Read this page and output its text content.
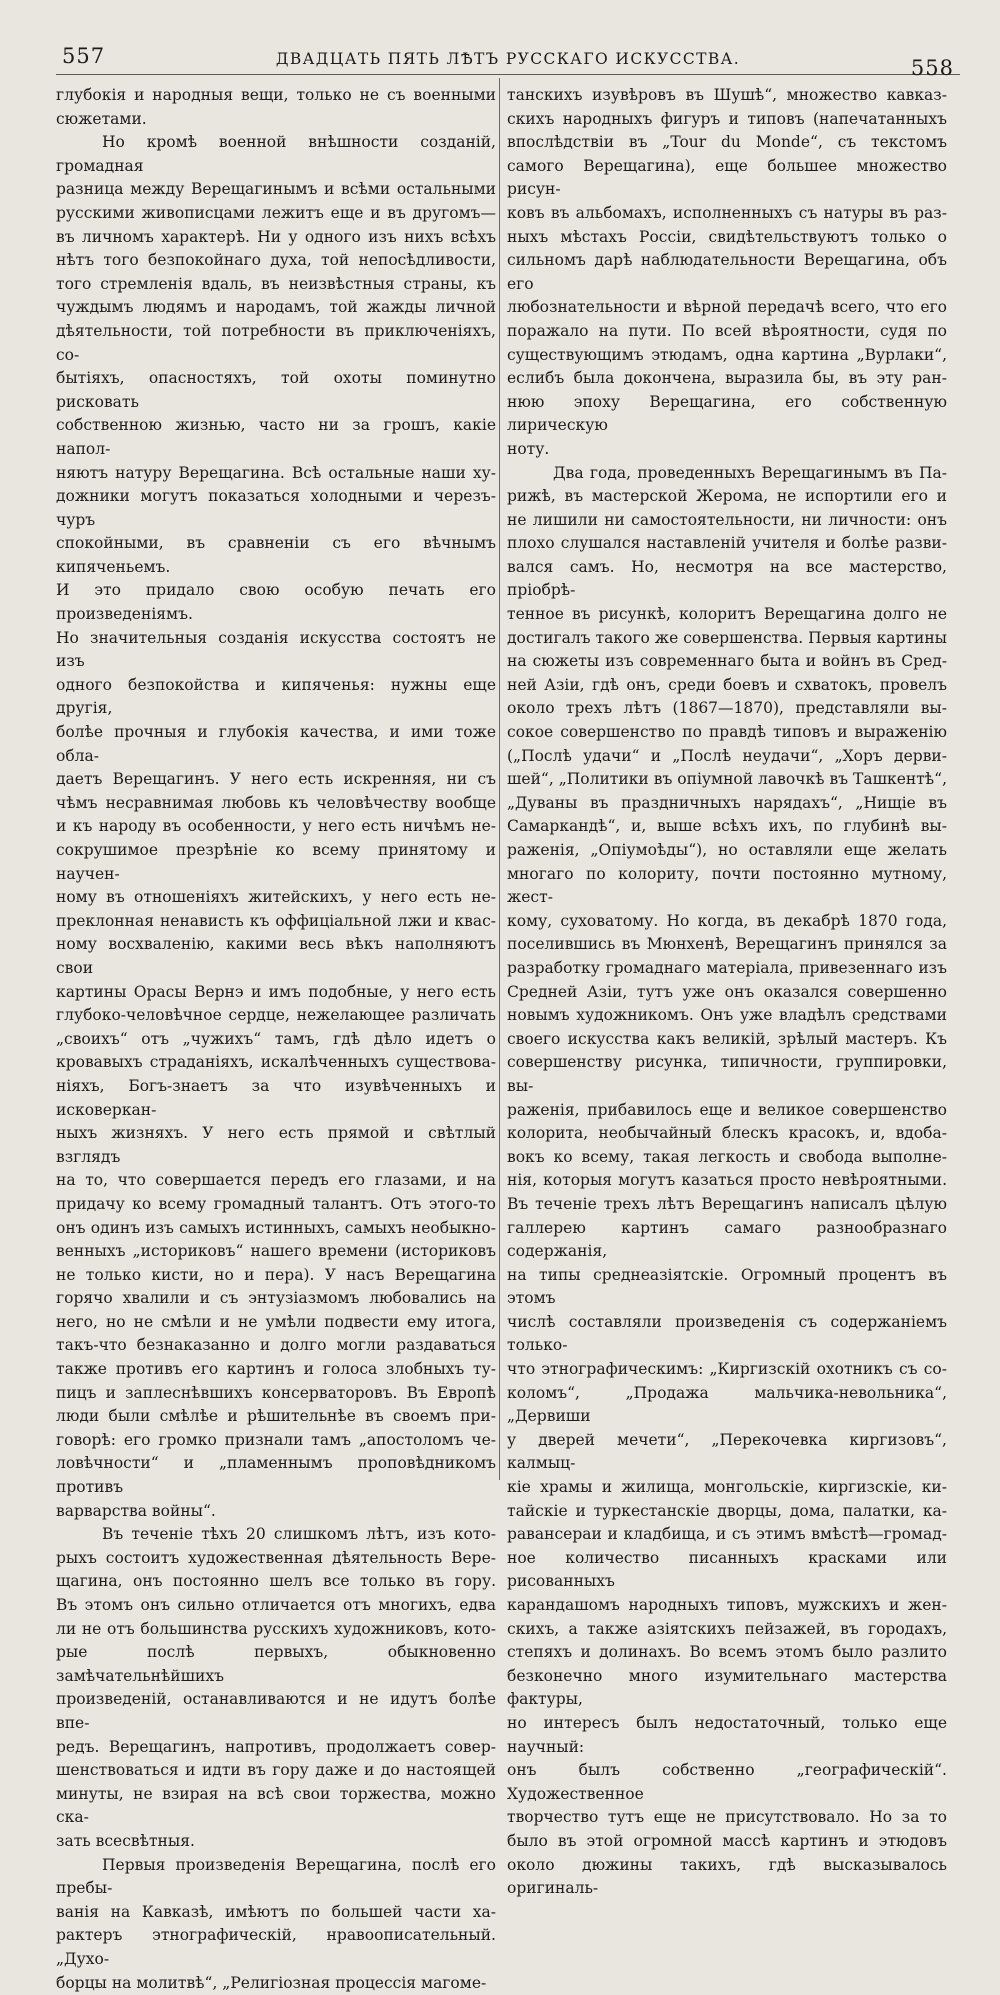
557	ДВАДЦАТЬ ПЯТЬ ЛѢТЪ РУССКАГО ИСКУССТВА.	558

глубокія и народныя вещи, только не съ военными

сюжетами.

Но кромѣ военной внѣшности созданій, громадная

разница между Верещагинымъ и всѣми остальными

русскими живописцами лежитъ еще и въ другомъ—

въ личномъ характерѣ. Ни у одного изъ нихъ всѣхъ

нѣтъ того безпокойнаго духа, той непосѣдливости,

того стремленія вдаль, въ неизвѣстныя страны, къ

чуждымъ людямъ и народамъ, той жажды личной

дѣятельности, той потребности въ приключеніяхъ, со-

бытіяхъ, опасностяхъ, той охоты поминутно рисковать

собственною жизнью, часто ни за грошъ, какіе напол-

няютъ натуру Верещагина. Всѣ остальные наши ху-

дожники могутъ показаться холодными и черезъ-чуръ

спокойными, въ сравненіи съ его вѣчнымъ кипяченьемъ.

И это придало свою особую печать его произведеніямъ.

Но значительныя созданія искусства состоятъ не изъ

одного безпокойства и кипяченья: нужны еще другія,

болѣе прочныя и глубокія качества, и ими тоже обла-

даетъ Верещагинъ. У него есть искренняя, ни съ

чѣмъ несравнимая любовь къ человѣчеству вообще

и къ народу въ особенности, у него есть ничѣмъ не-

сокрушимое презрѣніе ко всему принятому и научен-

ному въ отношеніяхъ житейскихъ, у него есть не-

преклонная ненависть къ оффиціальной лжи и квас-

ному восхваленію, какими весь вѣкъ наполняютъ свои

картины Орасы Вернэ и имъ подобные, у него есть

глубоко-человѣчное сердце, нежелающее различать

„своихъ“ отъ „чужихъ“ тамъ, гдѣ дѣло идетъ о

кровавыхъ страданіяхъ, искалѣченныхъ существова-

ніяхъ, Богъ-знаетъ за что изувѣченныхъ и исковеркан-

ныхъ жизняхъ. У него есть прямой и свѣтлый взглядъ

на то, что совершается передъ его глазами, и на

придачу ко всему громадный талантъ. Отъ этого-то

онъ одинъ изъ самыхъ истинныхъ, самыхъ необыкно-

венныхъ „историковъ“ нашего времени (историковъ

не только кисти, но и пера). У насъ Верещагина

горячо хвалили и съ энтузіазмомъ любовались на

него, но не смѣли и не умѣли подвести ему итога,

такъ-что безнаказанно и долго могли раздаваться

также противъ его картинъ и голоса злобныхъ ту-

пицъ и заплеснѣвшихъ консерваторовъ. Въ Европѣ

люди были смѣлѣе и рѣшительнѣе въ своемъ при-

говорѣ: его громко признали тамъ „апостоломъ че-

ловѣчности“ и „пламеннымъ проповѣдникомъ противъ

варварства войны“.

Въ теченіе тѣхъ 20 слишкомъ лѣтъ, изъ кото-

рыхъ состоитъ художественная дѣятельность Вере-

щагина, онъ постоянно шелъ все только въ гору.

Въ этомъ онъ сильно отличается отъ многихъ, едва

ли не отъ большинства русскихъ художниковъ, кото-

рые послѣ первыхъ, обыкновенно замѣчательнѣйшихъ

произведеній, останавливаются и не идутъ болѣе впе-

редъ. Верещагинъ, напротивъ, продолжаетъ совер-

шенствоваться и идти въ гору даже и до настоящей

минуты, не взирая на всѣ свои торжества, можно ска-

зать всесвѣтныя.

Первыя произведенія Верещагина, послѣ его пребы-

ванія на Кавказѣ, имѣютъ по большей части ха-

рактеръ этнографическій, нравоописательный. „Духо-

борцы на молитвѣ“, „Религіозная процессія магоме-

танскихъ изувѣровъ въ Шушѣ“, множество кавказ-

скихъ народныхъ фигуръ и типовъ (напечатанныхъ

впослѣдствіи въ „Tour du Monde“, съ текстомъ

самого Верещагина), еще большее множество рисун-

ковъ въ альбомахъ, исполненныхъ съ натуры въ раз-

ныхъ мѣстахъ Россіи, свидѣтельствуютъ только о

сильномъ дарѣ наблюдательности Верещагина, объ его

любознательности и вѣрной передачѣ всего, что его

поражало на пути. По всей вѣроятности, судя по

существующимъ этюдамъ, одна картина „Вурлаки“,

еслибъ была докончена, выразила бы, въ эту ран-

нюю эпоху Верещагина, его собственную лирическую

ноту.

Два года, проведенныхъ Верещагинымъ въ Па-

рижѣ, въ мастерской Жерома, не испортили его и

не лишили ни самостоятельности, ни личности: онъ

плохо слушался наставленій учителя и болѣе разви-

вался самъ. Но, несмотря на все мастерство, пріобрѣ-

тенное въ рисункѣ, колоритъ Верещагина долго не

достигалъ такого же совершенства. Первыя картины

на сюжеты изъ современнаго быта и войнъ въ Сред-

ней Азіи, гдѣ онъ, среди боевъ и схватокъ, провелъ

около трехъ лѣтъ (1867—1870), представляли вы-

сокое совершенство по правдѣ типовъ и выраженію

(„Послѣ удачи“ и „Послѣ неудачи“, „Хоръ дерви-

шей“, „Политики въ опіумной лавочкѣ въ Ташкентѣ“,

„Дуваны въ праздничныхъ нарядахъ“, „Нищіе въ

Самаркандѣ“, и, выше всѣхъ ихъ, по глубинѣ вы-

раженія, „Опіумоѣды“), но оставляли еще желать

многаго по колориту, почти постоянно мутному, жест-

кому, суховатому. Но когда, въ декабрѣ 1870 года,

поселившись въ Мюнхенѣ, Верещагинъ принялся за

разработку громаднаго матеріала, привезеннаго изъ

Средней Азіи, тутъ уже онъ оказался совершенно

новымъ художникомъ. Онъ уже владѣлъ средствами

своего искусства какъ великій, зрѣлый мастеръ. Къ

совершенству рисунка, типичности, группировки, вы-

раженія, прибавилось еще и великое совершенство

колорита, необычайный блескъ красокъ, и, вдоба-

вокъ ко всему, такая легкость и свобода выполне-

нія, которыя могутъ казаться просто невѣроятными.

Въ теченіе трехъ лѣтъ Верещагинъ написалъ цѣлую

галлерею картинъ самаго разнообразнаго содержанія,

на типы среднеазіятскіе. Огромный процентъ въ этомъ

числѣ составляли произведенія съ содержаніемъ только-

что этнографическимъ: „Киргизскій охотникъ съ со-

коломъ“, „Продажа мальчика-невольника“, „Дервиши

у дверей мечети“, „Перекочевка киргизовъ“, калмыц-

кіе храмы и жилища, монгольскіе, киргизскіе, ки-

тайскіе и туркестанскіе дворцы, дома, палатки, ка-

равансераи и кладбища, и съ этимъ вмѣстѣ—громад-

ное количество писанныхъ красками или рисованныхъ

карандашомъ народныхъ типовъ, мужскихъ и жен-

скихъ, а также азіятскихъ пейзажей, въ городахъ,

степяхъ и долинахъ. Во всемъ этомъ было разлито

безконечно много изумительнаго мастерства фактуры,

но интересъ былъ недостаточный, только еще научный:

онъ былъ собственно „географическій“. Художественное

творчество тутъ еще не присутствовало. Но за то

было въ этой огромной массѣ картинъ и этюдовъ

около дюжины такихъ, гдѣ высказывалось оригиналь-
